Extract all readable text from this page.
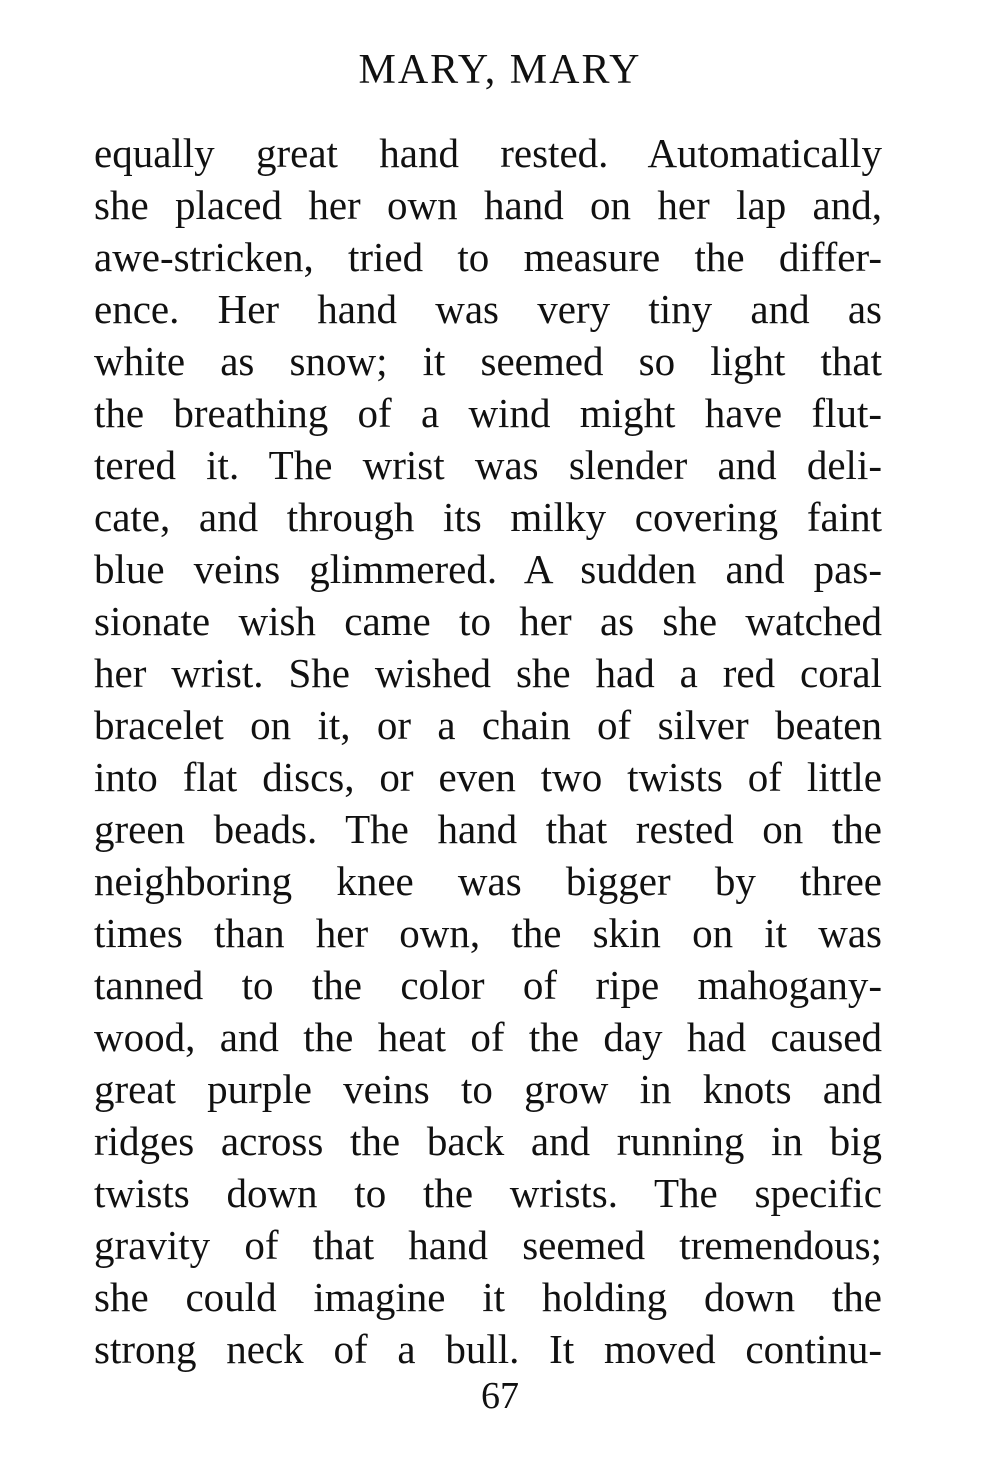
MARY, MARY
equally great hand rested. Automatically
she placed her own hand on her lap and,
awe-stricken, tried to measure the differ-
ence. Her hand was very tiny and as
white as snow; it seemed so light that
the breathing of a wind might have flut-
tered it. The wrist was slender and deli-
cate, and through its milky covering faint
blue veins glimmered. A sudden and pas-
sionate wish came to her as she watched
her wrist. She wished she had a red coral
bracelet on it, or a chain of silver beaten
into flat discs, or even two twists of little
green beads. The hand that rested on the
neighboring knee was bigger by three
times than her own, the skin on it was
tanned to the color of ripe mahogany-
wood, and the heat of the day had caused
great purple veins to grow in knots and
ridges across the back and running in big
twists down to the wrists. The specific
gravity of that hand seemed tremendous;
she could imagine it holding down the
strong neck of a bull. It moved continu-
67
